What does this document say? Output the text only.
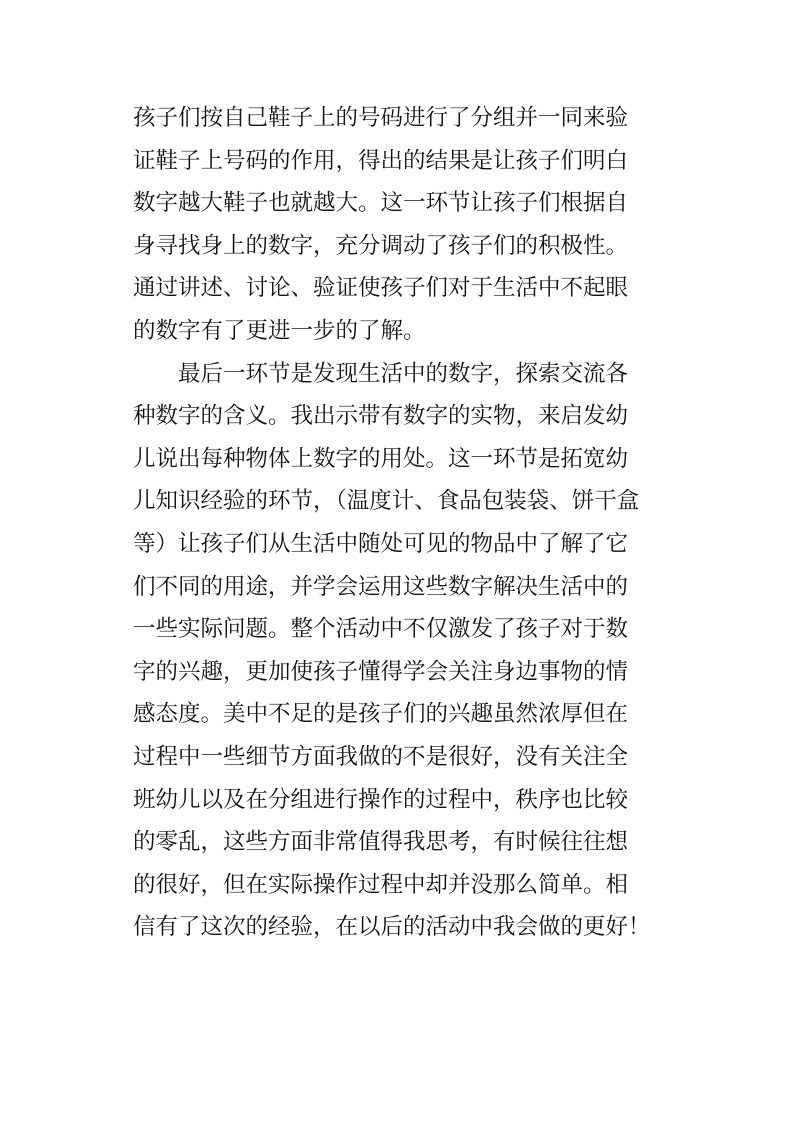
孩子们按自己鞋子上的号码进行了分组并一同来验
证鞋子上号码的作用，得出的结果是让孩子们明白
数字越大鞋子也就越大。这一环节让孩子们根据自
身寻找身上的数字，充分调动了孩子们的积极性。
通过讲述、讨论、验证使孩子们对于生活中不起眼
的数字有了更进一步的了解。
最后一环节是发现生活中的数字，探索交流各
种数字的含义。我出示带有数字的实物，来启发幼
儿说出每种物体上数字的用处。这一环节是拓宽幼
儿知识经验的环节，（温度计、食品包装袋、饼干盒
等）让孩子们从生活中随处可见的物品中了解了它
们不同的用途，并学会运用这些数字解决生活中的
一些实际问题。整个活动中不仅激发了孩子对于数
字的兴趣，更加使孩子懂得学会关注身边事物的情
感态度。美中不足的是孩子们的兴趣虽然浓厚但在
过程中一些细节方面我做的不是很好，没有关注全
班幼儿以及在分组进行操作的过程中，秩序也比较
的零乱，这些方面非常值得我思考，有时候往往想
的很好，但在实际操作过程中却并没那么简单。相
信有了这次的经验，在以后的活动中我会做的更好！
